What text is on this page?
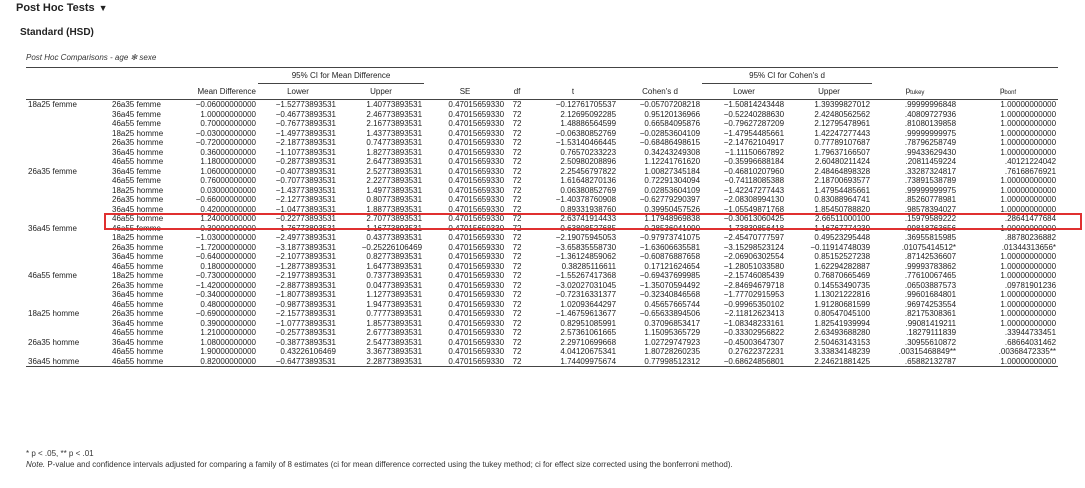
Post Hoc Tests ▼
Standard (HSD)
Post Hoc Comparisons - age ✻ sexe
			95% CI for Mean Difference						95% CI for Cohen's d			
		Mean Difference	Lower	Upper	SE	df	t	Cohen's d	Lower	Upper	ptukey	pbonf
18a25 femme	26a35 femme	−0.06000000000	−1.52773893531	1.40773893531	0.47015659330	72	−0.12761705537	−0.05707208218	−1.50814243448	1.39399827012	.99999996848	1.00000000000
	36a45 femme	1.00000000000	−0.46773893531	2.46773893531	0.47015659330	72	2.12695092285	0.95120136966	−0.52240288630	2.42480562562	.40809727936	1.00000000000
	46a55 femme	0.70000000000	−0.76773893531	2.16773893531	0.47015659330	72	1.48886564599	0.66584095876	−0.79627287209	2.12795478961	.81080139858	1.00000000000
	18a25 homme	−0.03000000000	−1.49773893531	1.43773893531	0.47015659330	72	−0.06380852769	−0.02853604109	−1.47954485661	1.42247277443	.99999999975	1.00000000000
	26a35 homme	−0.72000000000	−2.18773893531	0.74773893531	0.47015659330	72	−1.53140466445	−0.68486498615	−2.14762104917	0.77789107687	.78796258749	1.00000000000
	36a45 homme	0.36000000000	−1.10773893531	1.82773893531	0.47015659330	72	0.76570233223	0.34243249308	−1.11150667892	1.79637166507	.99433629430	1.00000000000
	46a55 homme	1.18000000000	−0.28773893531	2.64773893531	0.47015659330	72	2.50980208896	1.12241761620	−0.35996688184	2.60480211424	.20811459224	.40121224042
26a35 femme	36a45 femme	1.06000000000	−0.40773893531	2.52773893531	0.47015659330	72	2.25456797822	1.00827345184	−0.46810207960	2.48464898328	.33287324817	.76168676921
	46a55 femme	0.76000000000	−0.70773893531	2.22773893531	0.47015659330	72	1.61648270136	0.72291304094	−0.74118085388	2.18700693577	.73891538789	1.00000000000
	18a25 homme	0.03000000000	−1.43773893531	1.49773893531	0.47015659330	72	0.06380852769	0.02853604109	−1.42247277443	1.47954485661	.99999999975	1.00000000000
	26a35 homme	−0.66000000000	−2.12773893531	0.80773893531	0.47015659330	72	−1.40378760908	−0.62779290397	−2.08308994130	0.83088964741	.85260778981	1.00000000000
	36a45 homme	0.42000000000	−1.04773893531	1.88773893531	0.47015659330	72	0.89331938760	0.39950457526	−1.05549871768	1.85450788820	.98578394027	1.00000000000
	46a55 homme	1.24000000000	−0.22773893531	2.70773893531	0.47015659330	72	2.63741914433	1.17948969838	−0.30613060425	2.66511000100	.15979589222	.28641477684
36a45 femme	46a55 femme	−0.30000000000	−1.76773893531	1.16773893531	0.47015659330	72	−0.63808527685	−0.28536041090	−1.73839856418	1.16767774239	.99818763656	1.00000000000
	18a25 homme	−1.03000000000	−2.49773893531	0.43773893531	0.47015659330	72	−2.19075945053	−0.97973741075	−2.45470777597	0.49523295448	.36955815985	.88780236882
	26a35 homme	−1.72000000000	−3.18773893531	−0.25226106469	0.47015659330	72	−3.65835558730	−1.63606635581	−3.15298523124	−0.11914748039	.01075414512*	.01344313656*
	36a45 homme	−0.64000000000	−2.10773893531	0.82773893531	0.47015659330	72	−1.36124859062	−0.60876887658	−2.06906302554	0.85152527238	.87142536607	1.00000000000
	46a55 homme	0.18000000000	−1.28773893531	1.64773893531	0.47015659330	72	0.38285116611	0.17121624654	−1.28051033580	1.62294282887	.99993783862	1.00000000000
46a55 femme	18a25 homme	−0.73000000000	−2.19773893531	0.73773893531	0.47015659330	72	−1.55267417368	−0.69437699985	−2.15746085439	0.76870665469	.77610067465	1.00000000000
	26a35 homme	−1.42000000000	−2.88773893531	0.04773893531	0.47015659330	72	−3.02027031045	−1.35070594492	−2.84694679718	0.14553490735	.06503887573	.09781901236
	36a45 homme	−0.34000000000	−1.80773893531	1.12773893531	0.47015659330	72	−0.72316331377	−0.32340846568	−1.77702915953	1.13021222816	.99601684801	1.00000000000
	46a55 homme	0.48000000000	−0.98773893531	1.94773893531	0.47015659330	72	1.02093644297	0.45657665744	−0.99965350102	1.91280681599	.96974253554	1.00000000000
18a25 homme	26a35 homme	−0.69000000000	−2.15773893531	0.77773893531	0.47015659330	72	−1.46759613677	−0.65633894506	−2.11812623413	0.80547045100	.82175308361	1.00000000000
	36a45 homme	0.39000000000	−1.07773893531	1.85773893531	0.47015659330	72	0.82951085991	0.37096853417	−1.08348233161	1.82541939994	.99081419211	1.00000000000
	46a55 homme	1.21000000000	−0.25773893531	2.67773893531	0.47015659330	72	2.57361061665	1.15095365729	−0.33302956822	2.63493688280	.18279111839	.33944733451
26a35 homme	36a45 homme	1.08000000000	−0.38773893531	2.54773893531	0.47015659330	72	2.29710699668	1.02729747923	−0.45003647307	2.50463143153	.30955610872	.68664031462
	46a55 homme	1.90000000000	0.43226106469	3.36773893531	0.47015659330	72	4.04120675341	1.80728260235	0.27622372231	3.33834148239	.00315468849**	.00368472335**
36a45 homme	46a55 homme	0.82000000000	−0.64773893531	2.28773893531	0.47015659330	72	1.74409975674	0.77998512312	−0.68624856801	2.24621881425	.65882132787	1.00000000000
* p < .05, ** p < .01
Note. P-value and confidence intervals adjusted for comparing a family of 8 estimates (ci for mean difference corrected using the tukey method; ci for effect size corrected using the bonferroni method).
